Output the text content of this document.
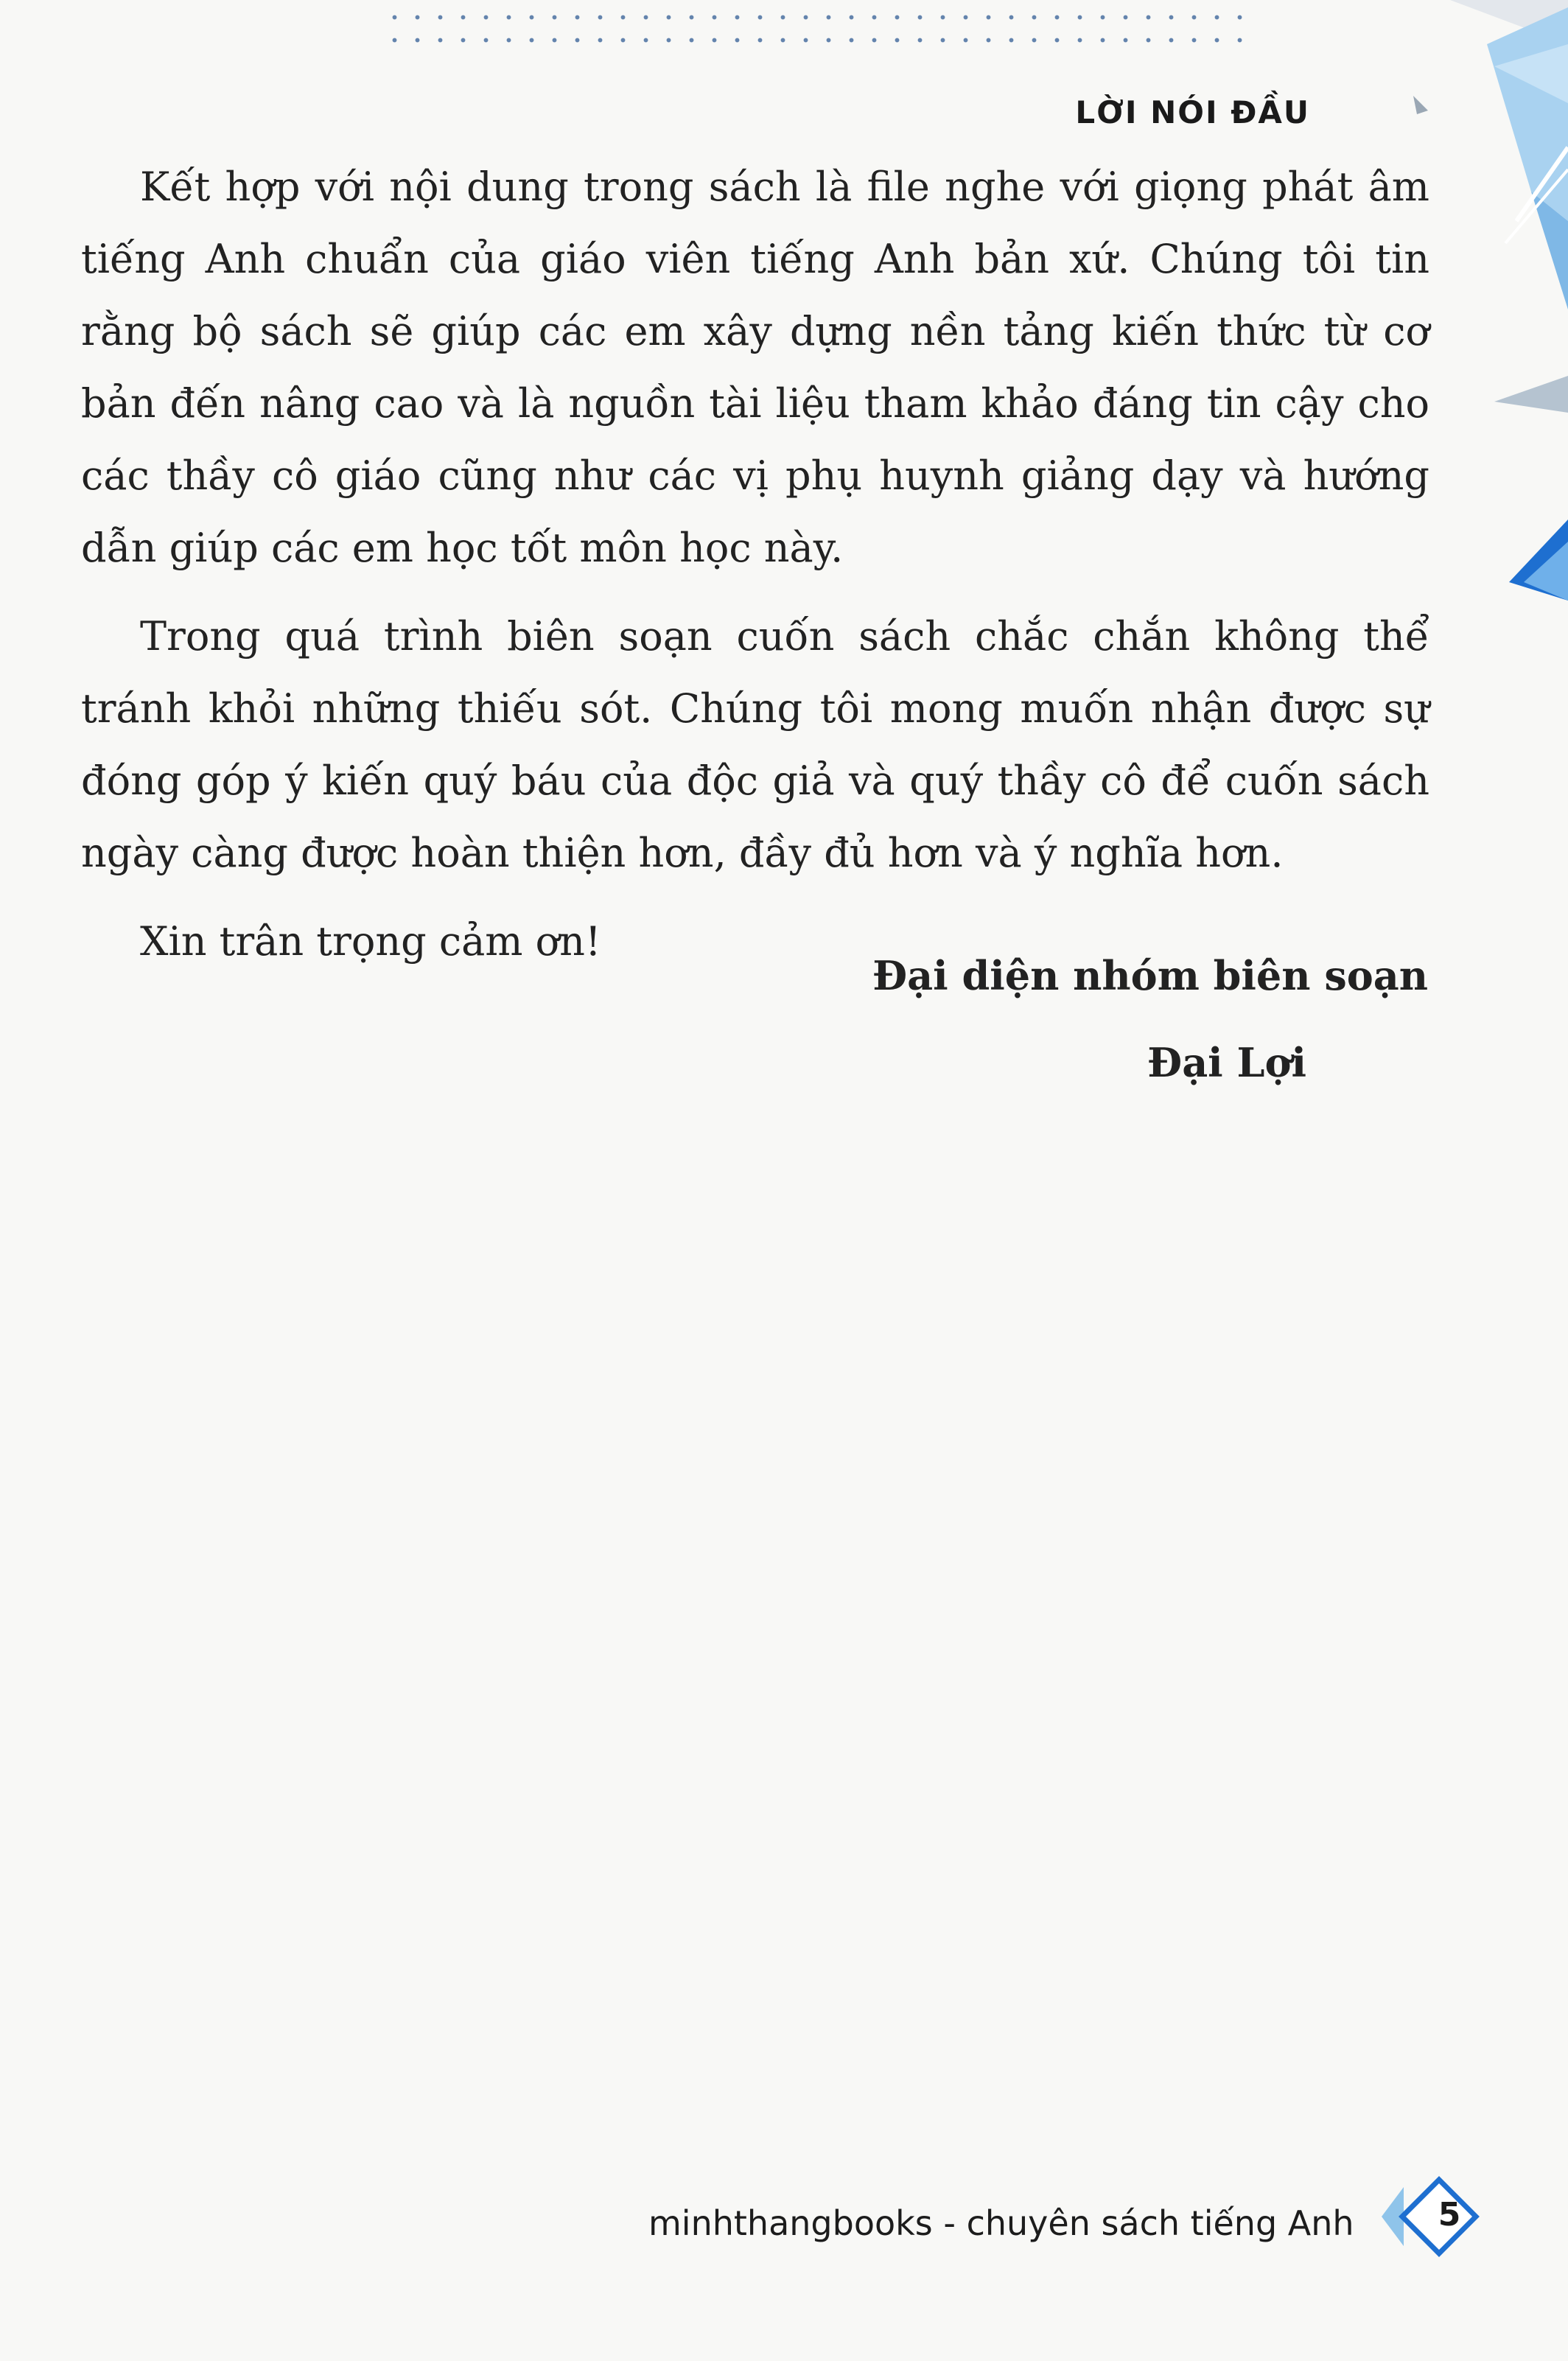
LỜI NÓI ĐẦU

Kết hợp với nội dung trong sách là file nghe với giọng phát âm tiếng Anh chuẩn của giáo viên tiếng Anh bản xứ. Chúng tôi tin rằng bộ sách sẽ giúp các em xây dựng nền tảng kiến thức từ cơ bản đến nâng cao và là nguồn tài liệu tham khảo đáng tin cậy cho các thầy cô giáo cũng như các vị phụ huynh giảng dạy và hướng dẫn giúp các em học tốt môn học này.

Trong quá trình biên soạn cuốn sách chắc chắn không thể tránh khỏi những thiếu sót. Chúng tôi mong muốn nhận được sự đóng góp ý kiến quý báu của độc giả và quý thầy cô để cuốn sách ngày càng được hoàn thiện hơn, đầy đủ hơn và ý nghĩa hơn.

Xin trân trọng cảm ơn!

Đại diện nhóm biên soạn
Đại Lợi
minhthangbooks - chuyên sách tiếng Anh	5
